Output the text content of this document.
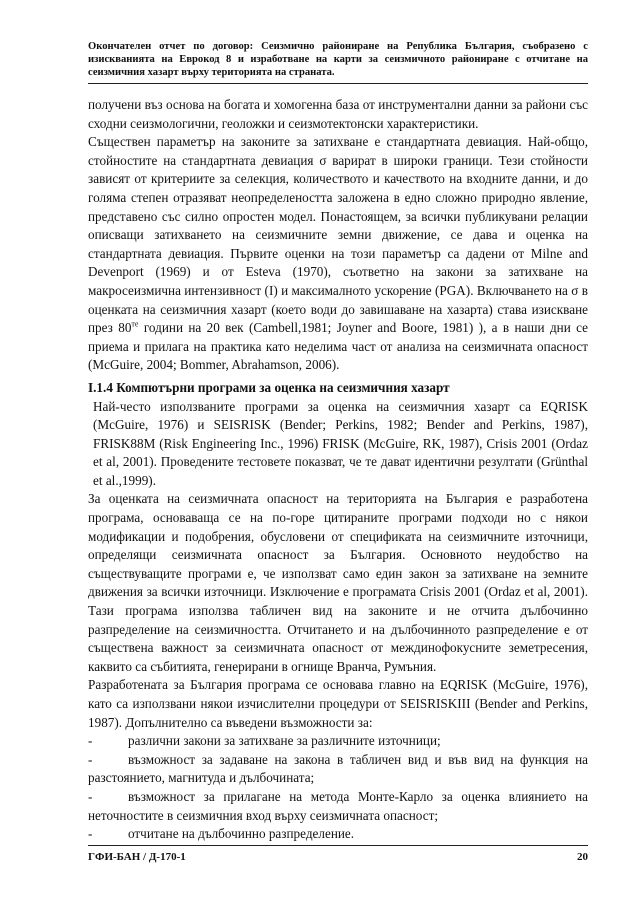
Окончателен отчет по договор: Сеизмично райониране на Република България, съобразено с изискванията на Еврокод 8 и изработване на карти за сеизмичното райониране с отчитане на сеизмичния хазарт върху територията на страната.

получени въз основа на богата и хомогенна база от инструментални данни за райони със сходни сеизмологични, геоложки и сеизмотектонски характеристики.

Съществен параметър на законите за затихване е стандартната девиация. Най-общо, стойностите на стандартната девиация σ варират в широки граници. Тези стойности зависят от критериите за селекция, количеството и качеството на входните данни, и до голяма степен отразяват неопределеността заложена в едно сложно природно явление, представено със силно опростен модел. Понастоящем, за всички публикувани релации описващи затихването на сеизмичните земни движение, се дава и оценка на стандартната девиация. Първите оценки на този параметър са дадени от Milne and Devenport (1969) и от Esteva (1970), съответно на закони за затихване на макросеизмична интензивност (I) и максималното ускорение (PGA). Включването на σ в оценката на сеизмичния хазарт (което води до завишаване на хазарта) става изискване през $80^{те}$ години на 20 век (Cambell,1981; Joyner and Boore, 1981) ), а в наши дни се приема и прилага на практика като неделима част от анализа на сеизмичната опасност (McGuire, 2004; Bommer, Abrahamson, 2006).

І.1.4 Компютърни програми за оценка на сеизмичния хазарт

Най-често използваните програми за оценка на сеизмичния хазарт са EQRISK (McGuire, 1976) и SEISRISK (Bender; Perkins, 1982; Bender and Perkins, 1987), FRISK88M (Risk Engineering Inc., 1996) FRISK (McGuire, RK, 1987), Crisis 2001 (Ordaz et al, 2001). Проведените тестовете показват, че те дават идентични резултати (Grünthal et al.,1999).

За оценката на сеизмичната опасност на територията на България е разработена програма, основаваща се на по-горе цитираните програми подходи но с някои модификации и подобрения, обусловени от спецификата на сеизмичните източници, определящи сеизмичната опасност за България. Основното неудобство на съществуващите програми е, че използват само един закон за затихване на земните движения за всички източници. Изключение е програмата Crisis 2001 (Ordaz et al, 2001). Тази програма използва табличен вид на законите и не отчита дълбочинно разпределение на сеизмичността. Отчитането и на дълбочинното разпределение е от съществена важност за сеизмичната опасност от междинофокусните земетресения, каквито са събитията, генерирани в огнище Вранча, Румъния.

Разработената за България програма се основава главно на EQRISK (McGuire, 1976), като са използвани някои изчислителни процедури от SEISRISKIII (Bender and Perkins, 1987). Допълнително са въведени възможности за:

-	различни закони за затихване за различните източници;

-	възможност за задаване на закона в табличен вид и във вид на функция на разстоянието, магнитуда и дълбочината;

-	възможност за прилагане на метода Монте-Карло за оценка влиянието на неточностите в сеизмичния вход върху сеизмичната опасност;

-	отчитане на дълбочинно разпределение.
ГФИ-БАН / Д-170-1	20
